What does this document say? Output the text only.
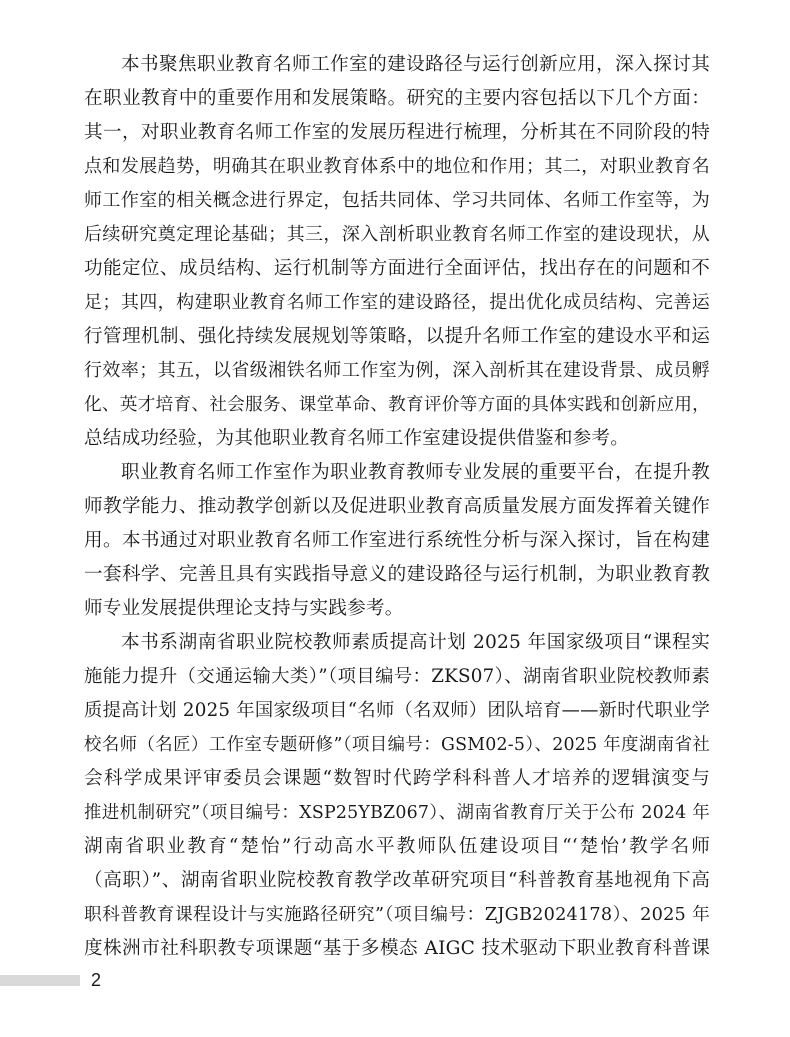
本书聚焦职业教育名师工作室的建设路径与运行创新应用，深入探讨其
在职业教育中的重要作用和发展策略。研究的主要内容包括以下几个方面：
其一，对职业教育名师工作室的发展历程进行梳理，分析其在不同阶段的特
点和发展趋势，明确其在职业教育体系中的地位和作用；其二，对职业教育名
师工作室的相关概念进行界定，包括共同体、学习共同体、名师工作室等，为
后续研究奠定理论基础；其三，深入剖析职业教育名师工作室的建设现状，从
功能定位、成员结构、运行机制等方面进行全面评估，找出存在的问题和不
足；其四，构建职业教育名师工作室的建设路径，提出优化成员结构、完善运
行管理机制、强化持续发展规划等策略，以提升名师工作室的建设水平和运
行效率；其五，以省级湘铁名师工作室为例，深入剖析其在建设背景、成员孵
化、英才培育、社会服务、课堂革命、教育评价等方面的具体实践和创新应用，
总结成功经验，为其他职业教育名师工作室建设提供借鉴和参考。
职业教育名师工作室作为职业教育教师专业发展的重要平台，在提升教
师教学能力、推动教学创新以及促进职业教育高质量发展方面发挥着关键作
用。本书通过对职业教育名师工作室进行系统性分析与深入探讨，旨在构建
一套科学、完善且具有实践指导意义的建设路径与运行机制，为职业教育教
师专业发展提供理论支持与实践参考。
本书系湖南省职业院校教师素质提高计划 2025 年国家级项目“课程实
施能力提升（交通运输大类）”（项目编号：ZKS07）、湖南省职业院校教师素
质提高计划 2025 年国家级项目“名师（名双师）团队培育——新时代职业学
校名师（名匠）工作室专题研修”（项目编号：GSM02-5）、2025 年度湖南省社
会科学成果评审委员会课题“数智时代跨学科科普人才培养的逻辑演变与
推进机制研究”（项目编号：XSP25YBZ067）、湖南省教育厅关于公布 2024 年
湖南省职业教育“楚怡”行动高水平教师队伍建设项目“‘楚怡’教学名师
（高职）”、湖南省职业院校教育教学改革研究项目“科普教育基地视角下高
职科普教育课程设计与实施路径研究”（项目编号：ZJGB2024178）、2025 年
度株洲市社科职教专项课题“基于多模态 AIGC 技术驱动下职业教育科普课
2
